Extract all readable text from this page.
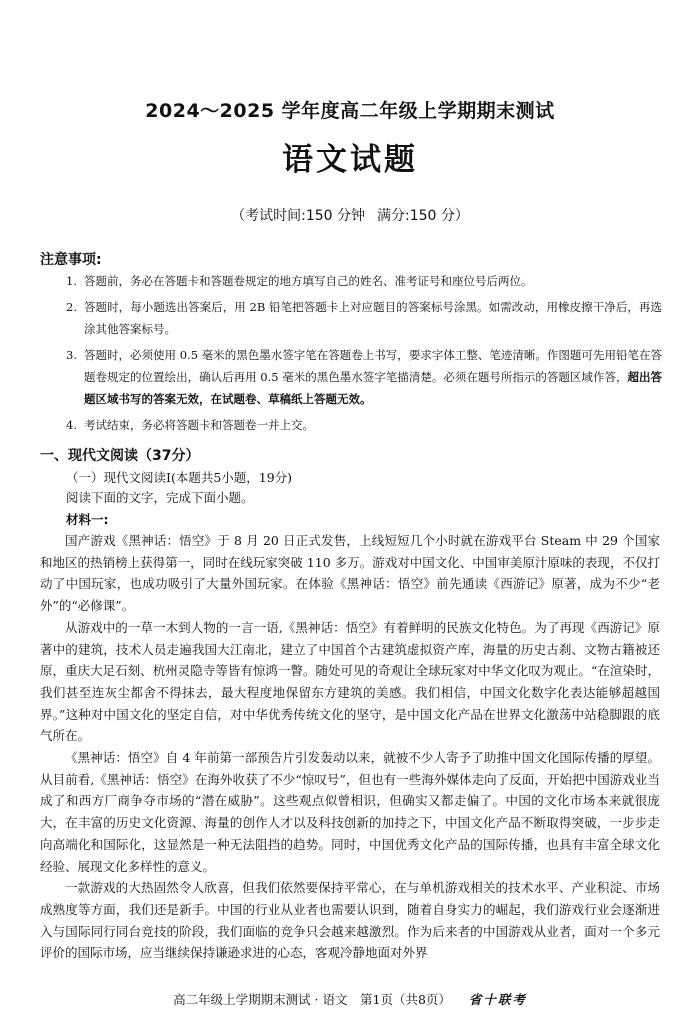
2024～2025 学年度高二年级上学期期末测试
语文试题
（考试时间:150 分钟 满分:150 分）
注意事项:
1. 答题前，务必在答题卡和答题卷规定的地方填写自己的姓名、准考证号和座位号后两位。
2. 答题时，每小题选出答案后，用 2B 铅笔把答题卡上对应题目的答案标号涂黑。如需改动，用橡皮擦干净后，再选涂其他答案标号。
3. 答题时，必须使用 0.5 毫米的黑色墨水签字笔在答题卷上书写，要求字体工整、笔迹清晰。作图题可先用铅笔在答题卷规定的位置绘出，确认后再用 0.5 毫米的黑色墨水签字笔描清楚。必须在题号所指示的答题区域作答，超出答题区域书写的答案无效，在试题卷、草稿纸上答题无效。
4. 考试结束，务必将答题卡和答题卷一并上交。
一、现代文阅读（37分）
（一）现代文阅读Ⅰ(本题共5小题，19分)
阅读下面的文字，完成下面小题。
材料一:

国产游戏《黑神话：悟空》于 8 月 20 日正式发售，上线短短几个小时就在游戏平台 Steam 中 29 个国家和地区的热销榜上获得第一，同时在线玩家突破 110 多万。游戏对中国文化、中国审美原汁原味的表现，不仅打动了中国玩家，也成功吸引了大量外国玩家。在体验《黑神话：悟空》前先通读《西游记》原著，成为不少“老外”的“必修课”。

从游戏中的一草一木到人物的一言一语,《黑神话：悟空》有着鲜明的民族文化特色。为了再现《西游记》原著中的建筑，技术人员走遍我国大江南北，建立了中国首个古建筑虚拟资产库，海量的历史古刹、文物古籍被还原，重庆大足石刻、杭州灵隐寺等皆有惊鸿一瞥。随处可见的奇观让全球玩家对中华文化叹为观止。“在渲染时，我们甚至连灰尘都舍不得抹去，最大程度地保留东方建筑的美感。我们相信，中国文化数字化表达能够超越国界。”这种对中国文化的坚定自信，对中华优秀传统文化的坚守，是中国文化产品在世界文化激荡中站稳脚跟的底气所在。

《黑神话：悟空》自 4 年前第一部预告片引发轰动以来，就被不少人寄予了助推中国文化国际传播的厚望。从目前看,《黑神话：悟空》在海外收获了不少“惊叹号”，但也有一些海外媒体走向了反面，开始把中国游戏业当成了和西方厂商争夺市场的“潜在威胁”。这些观点似曾相识，但确实又都走偏了。中国的文化市场本来就很庞大，在丰富的历史文化资源、海量的创作人才以及科技创新的加持之下，中国文化产品不断取得突破，一步步走向高端化和国际化，这显然是一种无法阻挡的趋势。同时，中国优秀文化产品的国际传播，也具有丰富全球文化经验、展现文化多样性的意义。

一款游戏的大热固然令人欣喜，但我们依然要保持平常心，在与单机游戏相关的技术水平、产业积淀、市场成熟度等方面，我们还是新手。中国的行业从业者也需要认识到，随着自身实力的崛起，我们游戏行业会逐渐进入与国际同行同台竞技的阶段，我们面临的竞争只会越来越激烈。作为后来者的中国游戏从业者，面对一个多元评价的国际市场，应当继续保持谦逊求进的心态，客观冷静地面对外界

高二年级上学期期末测试 · 语文　第1页（共8页） 省十联考
